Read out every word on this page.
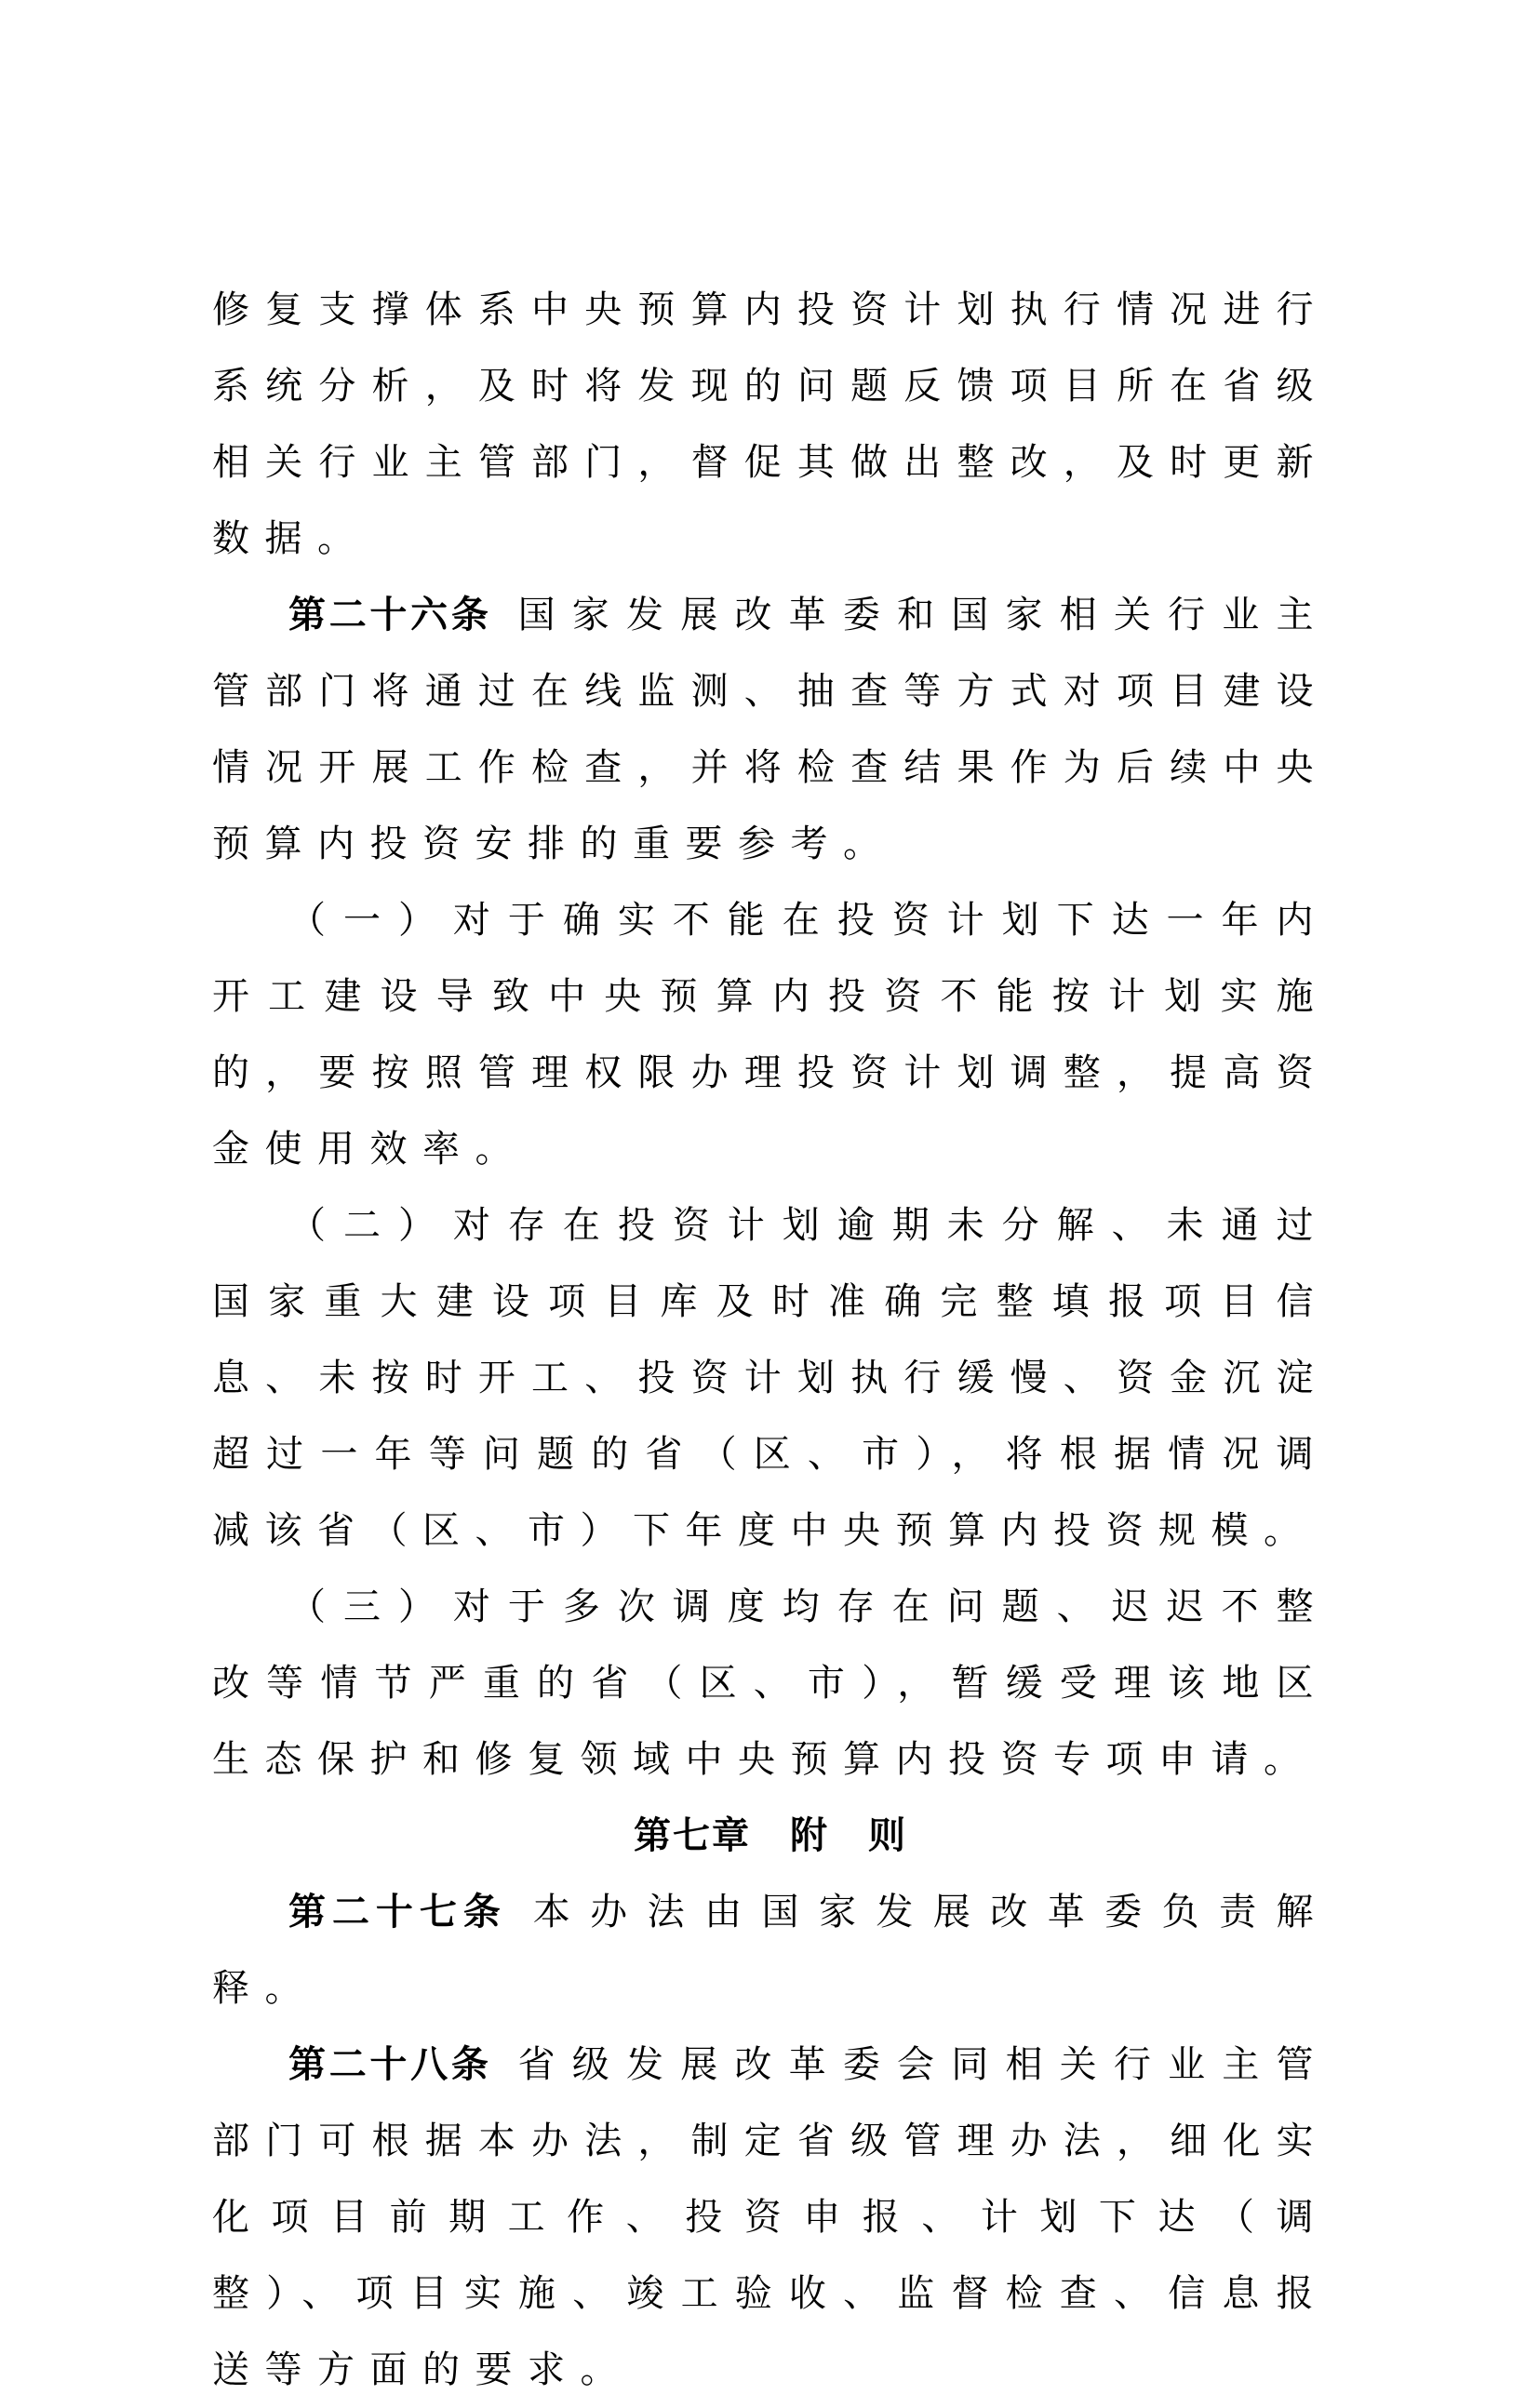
修复支撑体系中央预算内投资计划执行情况进行系统分析，及时将发现的问题反馈项目所在省级相关行业主管部门，督促其做出整改，及时更新数据。

第二十六条 国家发展改革委和国家相关行业主管部门将通过在线监测、抽查等方式对项目建设情况开展工作检查，并将检查结果作为后续中央预算内投资安排的重要参考。

（一）对于确实不能在投资计划下达一年内开工建设导致中央预算内投资不能按计划实施的，要按照管理权限办理投资计划调整，提高资金使用效率。

（二）对存在投资计划逾期未分解、未通过国家重大建设项目库及时准确完整填报项目信息、未按时开工、投资计划执行缓慢、资金沉淀超过一年等问题的省（区、市），将根据情况调减该省（区、市）下年度中央预算内投资规模。

（三）对于多次调度均存在问题、迟迟不整改等情节严重的省（区、市），暂缓受理该地区生态保护和修复领域中央预算内投资专项申请。

第七章　附　则

第二十七条 本办法由国家发展改革委负责解释。

第二十八条 省级发展改革委会同相关行业主管部门可根据本办法，制定省级管理办法，细化实化项目前期工作、投资申报、计划下达（调整）、项目实施、竣工验收、监督检查、信息报送等方面的要求。
